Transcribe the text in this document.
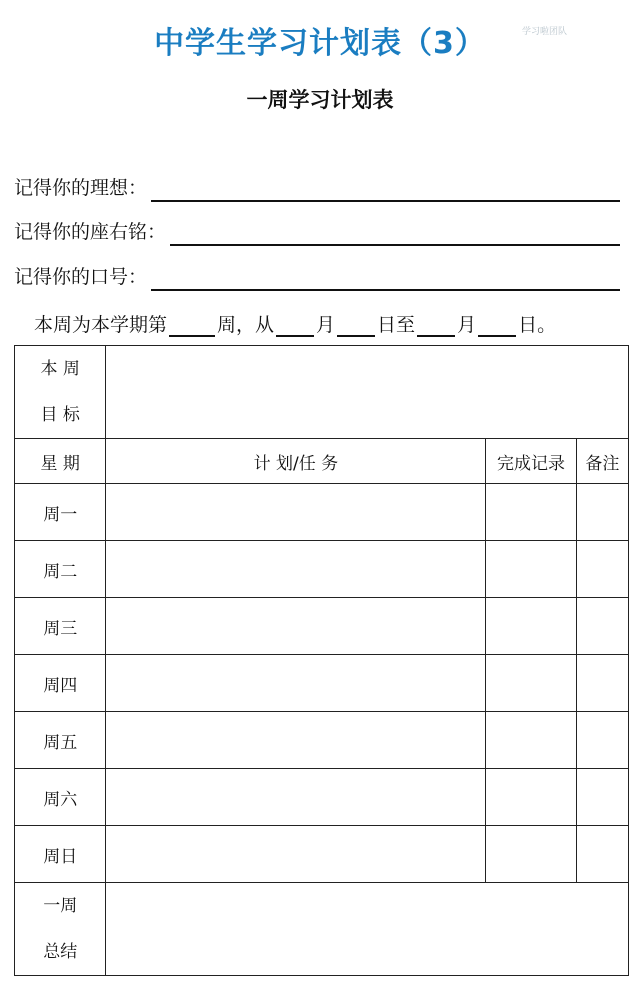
中学生学习计划表（3）	学习啦团队
一周学习计划表
记得你的理想：
记得你的座右铭：
记得你的口号：
本周为本学期第	周，从 月 日至 月 日。
本 周
目 标			

星 期	计 划/任 务	完成记录	备注
周一			
周二			
周三			
周四			
周五			
周六			
周日			

一周
总结			
